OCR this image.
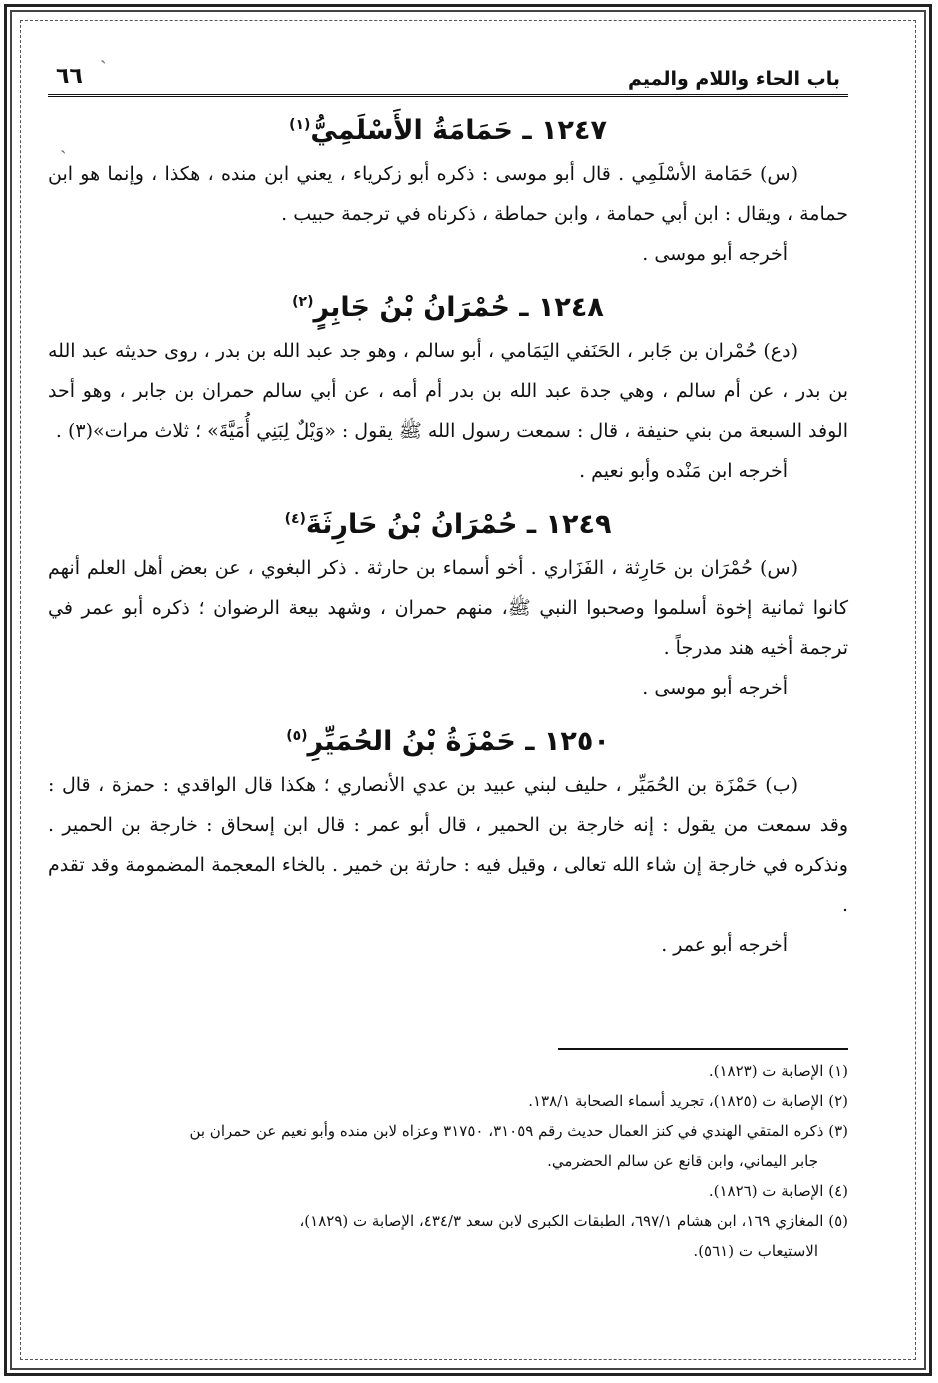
ˎ
ˏ
باب الحاء واللام والميم
٦٦
١٢٤٧ ـ حَمَامَةُ الأَسْلَمِيُّ$^{(١)}$

(س) حَمَامة الأسْلَمِي . قال أبو موسى : ذكره أبو زكرياء ، يعني ابن منده ، هكذا ، وإنما هو ابن حمامة ، ويقال : ابن أبي حمامة ، وابن حماطة ، ذكرناه في ترجمة حبيب .

أخرجه أبو موسى .

١٢٤٨ ـ حُمْرَانُ بْنُ جَابِرٍ$^{(٢)}$

(دع) حُمْران بن جَابر ، الحَنَفي اليَمَامي ، أبو سالم ، وهو جد عبد الله بن بدر ، روى حديثه عبد الله بن بدر ، عن أم سالم ، وهي جدة عبد الله بن بدر أم أمه ، عن أبي سالم حمران بن جابر ، وهو أحد الوفد السبعة من بني حنيفة ، قال : سمعت رسول الله ﷺ يقول : «وَيْلٌ لِبَنِي أُمَيَّةَ» ؛ ثلاث مرات»(٣) .

أخرجه ابن مَنْده وأبو نعيم .

١٢٤٩ ـ حُمْرَانُ بْنُ حَارِثَةَ$^{(٤)}$

(س) حُمْرَان بن حَارِثة ، الفَزَاري . أخو أسماء بن حارثة . ذكر البغوي ، عن بعض أهل العلم أنهم كانوا ثمانية إخوة أسلموا وصحبوا النبي ﷺ، منهم حمران ، وشهد بيعة الرضوان ؛ ذكره أبو عمر في ترجمة أخيه هند مدرجاً .

أخرجه أبو موسى .

١٢٥٠ ـ حَمْزَةُ بْنُ الحُمَيِّرِ$^{(٥)}$

(ب) حَمْزَة بن الحُمَيِّر ، حليف لبني عبيد بن عدي الأنصاري ؛ هكذا قال الواقدي : حمزة ، قال : وقد سمعت من يقول : إنه خارجة بن الحمير ، قال أبو عمر : قال ابن إسحاق : خارجة بن الحمير . ونذكره في خارجة إن شاء الله تعالى ، وقيل فيه : حارثة بن خمير . بالخاء المعجمة المضمومة وقد تقدم .

أخرجه أبو عمر .

(١) الإصابة ت (١٨٢٣).

(٢) الإصابة ت (١٨٢٥)، تجريد أسماء الصحابة ١٣٨/١.

(٣) ذكره المتقي الهندي في كنز العمال حديث رقم ٣١٠٥٩، ٣١٧٥٠ وعزاه لابن منده وأبو نعيم عن حمران بن

جابر اليماني، وابن قانع عن سالم الحضرمي.

(٤) الإصابة ت (١٨٢٦).

(٥) المغازي ١٦٩، ابن هشام ٦٩٧/١، الطبقات الكبرى لابن سعد ٤٣٤/٣، الإصابة ت (١٨٢٩)،

الاستيعاب ت (٥٦١).
